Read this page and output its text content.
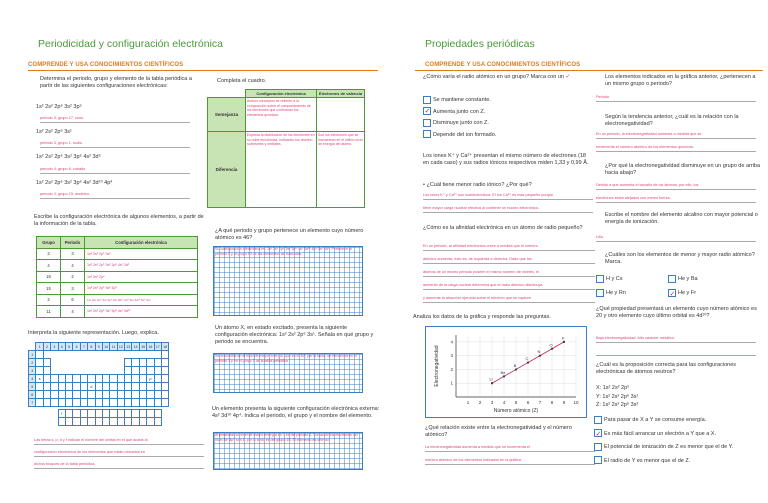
Periodicidad y configuración electrónica
COMPRENDE Y USA CONOCIMIENTOS CIENTÍFICOS
Determina el periodo, grupo y elemento de la tabla periódica a partir de las siguientes configuraciones electrónicas:
1s² 2s² 2p⁶ 3s² 3p⁵
periodo 3, grupo 17, cloro
1s² 2s² 2p⁶ 3s¹
periodo 3, grupo 1, sodio
1s² 2s² 2p⁶ 3s² 3p⁶ 4s² 3d⁵
periodo 4, grupo 6, cobalto
1s² 2s² 2p⁶ 3s² 3p⁶ 4s² 3d¹⁰ 4p³
periodo 4, grupo 15, arsénico
Escribe la configuración electrónica de algunos elementos, a partir de la información de la tabla.
Grupo	Periodo	Configuración electrónica
2	3	1s² 2s² 2p⁶ 3s²
4	4	1s² 2s² 2p⁶ 3s² 3p⁶ 4s² 3d²
16	2	1s² 2s² 2p⁴
15	3	1s² 2s² 2p⁶ 3s² 3p³
2	6	1s² 2s² 2p⁶ 3s² 3p⁶ 4s² 3d¹⁰ 4p⁶ 5s² 4d¹⁰ 5p⁶ 6s²
11	4	1s² 2s² 2p⁶ 3s² 3p⁶ 4s¹ 3d¹⁰
Interpreta la siguiente representación. Luego, explica.
	1	2	3	4	5	6	7	8	9	10	11	12	13	14	15	16	17	18
1																		
2																		
3																		
4	s															p		
5								d										
6																		
7																		

				f														

Las letras s, p, d y f indican el nombre del orbital en el que acaba la
configuración electrónica de los elementos que están ubicados en
dichos bloques de la tabla periódica.
Completa el cuadro.
	Configuración electrónica	Electrones de valencia
Semejanza	Ambos conceptos se refieren a la composición sobre el comportamiento de los electrones que conforman los elementos químicos.	
Diferencia	Expresa la distribución de los electrones en su nube electrónica, indicando los niveles, subniveles y orbitales.	Son los electrones que se encuentran en el último nivel de energía del átomo.
¿A qué periodo y grupo pertenece un elemento cuyo número atómico es 46?
Su configuración electrónica es: 1s² 2s² 2p⁶ 3s² 3p⁶ 4s² 3d¹⁰ 4p⁶ 5s² 4d⁸. Pertenece al periodo 5 y al grupo 10 de los elementos de transición.
Un átomo X, en estado excitado, presenta la siguiente configuración electrónica: 1s² 2s² 2p⁶ 3s¹. Señala en qué grupo y periodo se encuentra.
Se encuentra en el nivel de mayor energía, que es el 3s¹; por lo tanto, se encuentra en el periodo 3 y en el grupo 1 de la tabla periódica.
Un elemento presenta la siguiente configuración electrónica externa: 4s² 3d¹⁰ 4p⁴. Indica el periodo, el grupo y el nombre del elemento.
Al presentar su nivel de mayor energía en 4 es del periodo 4. Sumando los electrones del nivel 4s² 4p⁴ son 6, por lo tanto es del grupo 16. El elemento es selenio.
Propiedades periódicas
COMPRENDE Y USA CONOCIMIENTOS CIENTÍFICOS
¿Cómo varía el radio atómico en un grupo? Marca con un ✓
Se mantiene constante.
✓Aumenta junto con Z.
Disminuye junto con Z.
Depende del ion formado.
Los iones K⁺ y Ca²⁺ presentan el mismo número de electrones (18 en cada caso) y sus radios iónicos respectivos miden 1,33 y 0,99 Å.
• ¿Cuál tiene menor radio iónico? ¿Por qué?
Los iones K⁺ y Ca²⁺ son isoelectrónicos. El ion Ca²⁺ es más pequeño porque
tiene mayor carga nuclear efectiva al contener un núcleo electrónico.
¿Cómo es la afinidad electrónica en un átomo de radio pequeño?
En un periodo, la afinidad electrónica crece a medida que el número
atómico aumenta, esto es, de izquierda a derecha. Dado que los
átomos de un mismo periodo poseen el mismo número de niveles, el
aumento de la carga nuclear determina que el radio atómico disminuya
y aumente la atracción ejercida sobre el electrón que se capture.
Analiza los datos de la gráfica y responde las preguntas.
1 2 3 4 5 6 7 8 9 10
1
2
3
4
Número atómico (Z)
Electronegatividad	Li
Be
B
C
N
O
F
¿Qué relación existe entre la electronegatividad y el número atómico?
La electronegatividad aumenta a medida que se incrementa el
número atómico de los elementos indicados en la gráfica.
Los elementos indicados en la gráfica anterior, ¿pertenecen a un mismo grupo o periodo?
Periodo
Según la tendencia anterior, ¿cuál es la relación con la electronegatividad?
En un periodo, la electronegatividad aumenta a medida que se
incrementa el número atómico de los elementos químicos.
¿Por qué la electronegatividad disminuye en un grupo de arriba hacia abajo?
Debido a que aumenta el tamaño de los átomos, por ello, los
electrones están alejados con menor fuerza.
Escribe el nombre del elemento alcalino con mayor potencial o energía de ionización.
Litio
¿Cuáles son los elementos de menor y mayor radio atómico? Marca.
H y Cs	He y Ba
He y Rn ✓	He y Fr
¿Qué propiedad presentará un elemento cuyo número atómico es 20 y otro elemento cuyo último orbital es 4d¹⁰?
Baja electronegatividad. Alto carácter metálico.
¿Cuál es la proposición correcta para las configuraciones electrónicas de átomos neutros?
X: 1s² 2s² 2p⁵
Y: 1s² 2s² 2p⁶ 3s¹
Z: 1s² 2s² 2p⁶ 3s²
Para pasar de X a Y se consume energía.
✓Es más fácil arrancar un electrón a Y que a X.
El potencial de ionización de Z es menor que el de Y.
El radio de Y es menor que el de Z.
